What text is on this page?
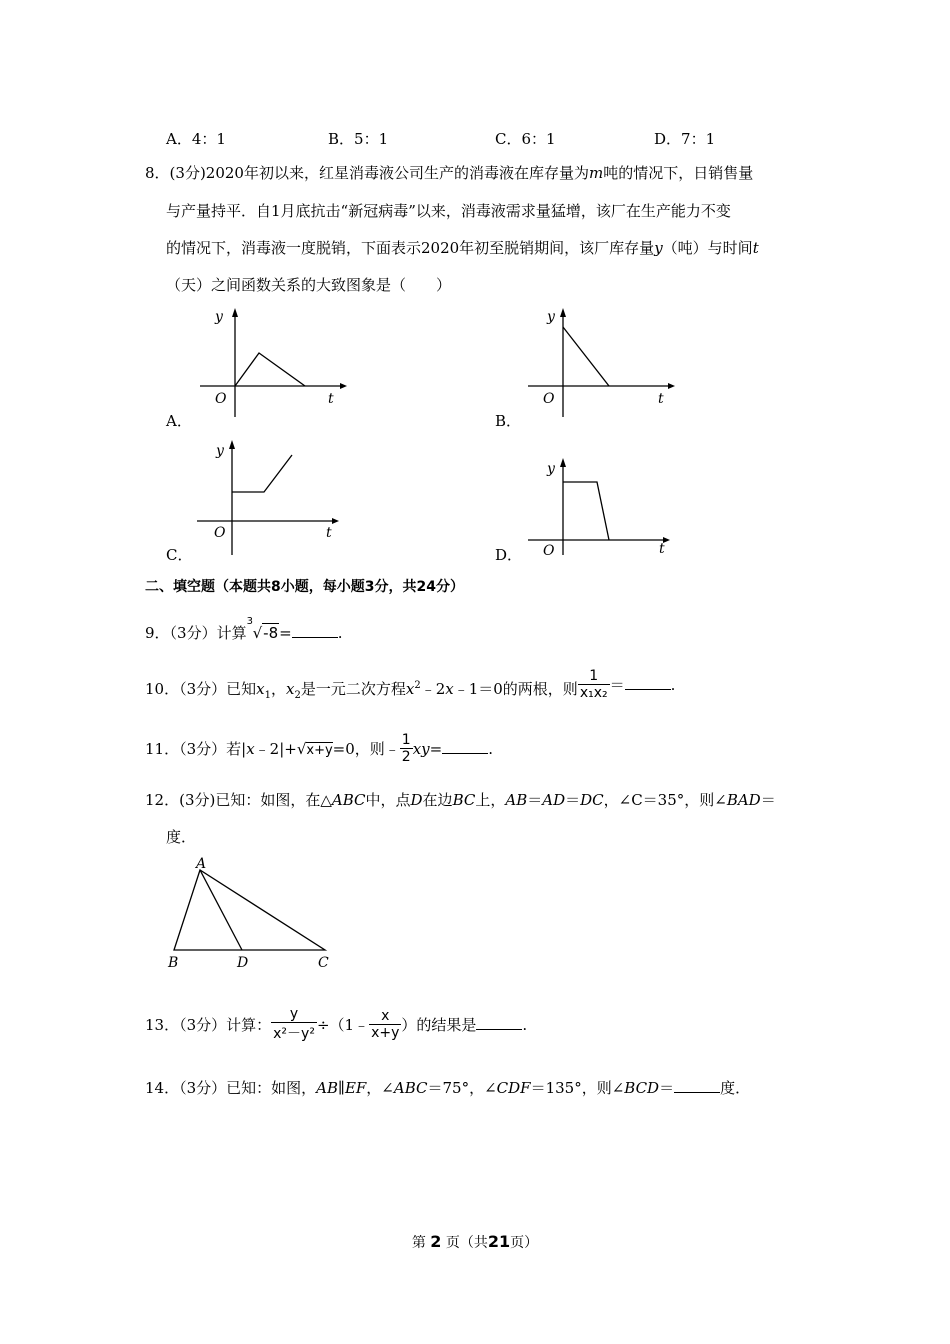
A．4：1	B．5：1	C．6：1	D．7：1
8．(3分)2020年初以来，红星消毒液公司生产的消毒液在库存量为m吨的情况下，日销售量
与产量持平．自1月底抗击“新冠病毒”以来，消毒液需求量猛增，该厂在生产能力不变
的情况下，消毒液一度脱销，下面表示2020年初至脱销期间，该厂库存量y（吨）与时间t
（天）之间函数关系的大致图象是（　　）
y
t
O
y
t
O
y
t
O
y
t
O
A．	B．
C．	D．
二、填空题（本题共8小题，每小题3分，共24分）
9．（3分）计算
3
√-8=	.
10．（3分）已知$x_1$，$x_2$是一元二次方程$x^2﹣2x﹣1=0$的两根，则 $\frac{1}{\text{x₁x₂}}$ ＝	.
11．（3分）若|x﹣2|+√x+y=0，则﹣ $\frac{1}{2} xy=$	.
12．(3分)已知：如图，在△ABC中，点D在边BC上，AB＝AD＝DC，∠C＝35°，则∠BAD＝
度．
A
B	D	C
13．（3分）计算： $\frac{y}{\text{x²－y²}}$ ÷（1﹣ $\frac{x}{x+y}$ ）的结果是	.
14．（3分）已知：如图，AB∥EF，∠ABC＝75°，∠CDF＝135°，则∠BCD＝	度．
第 2 页（共21页）
